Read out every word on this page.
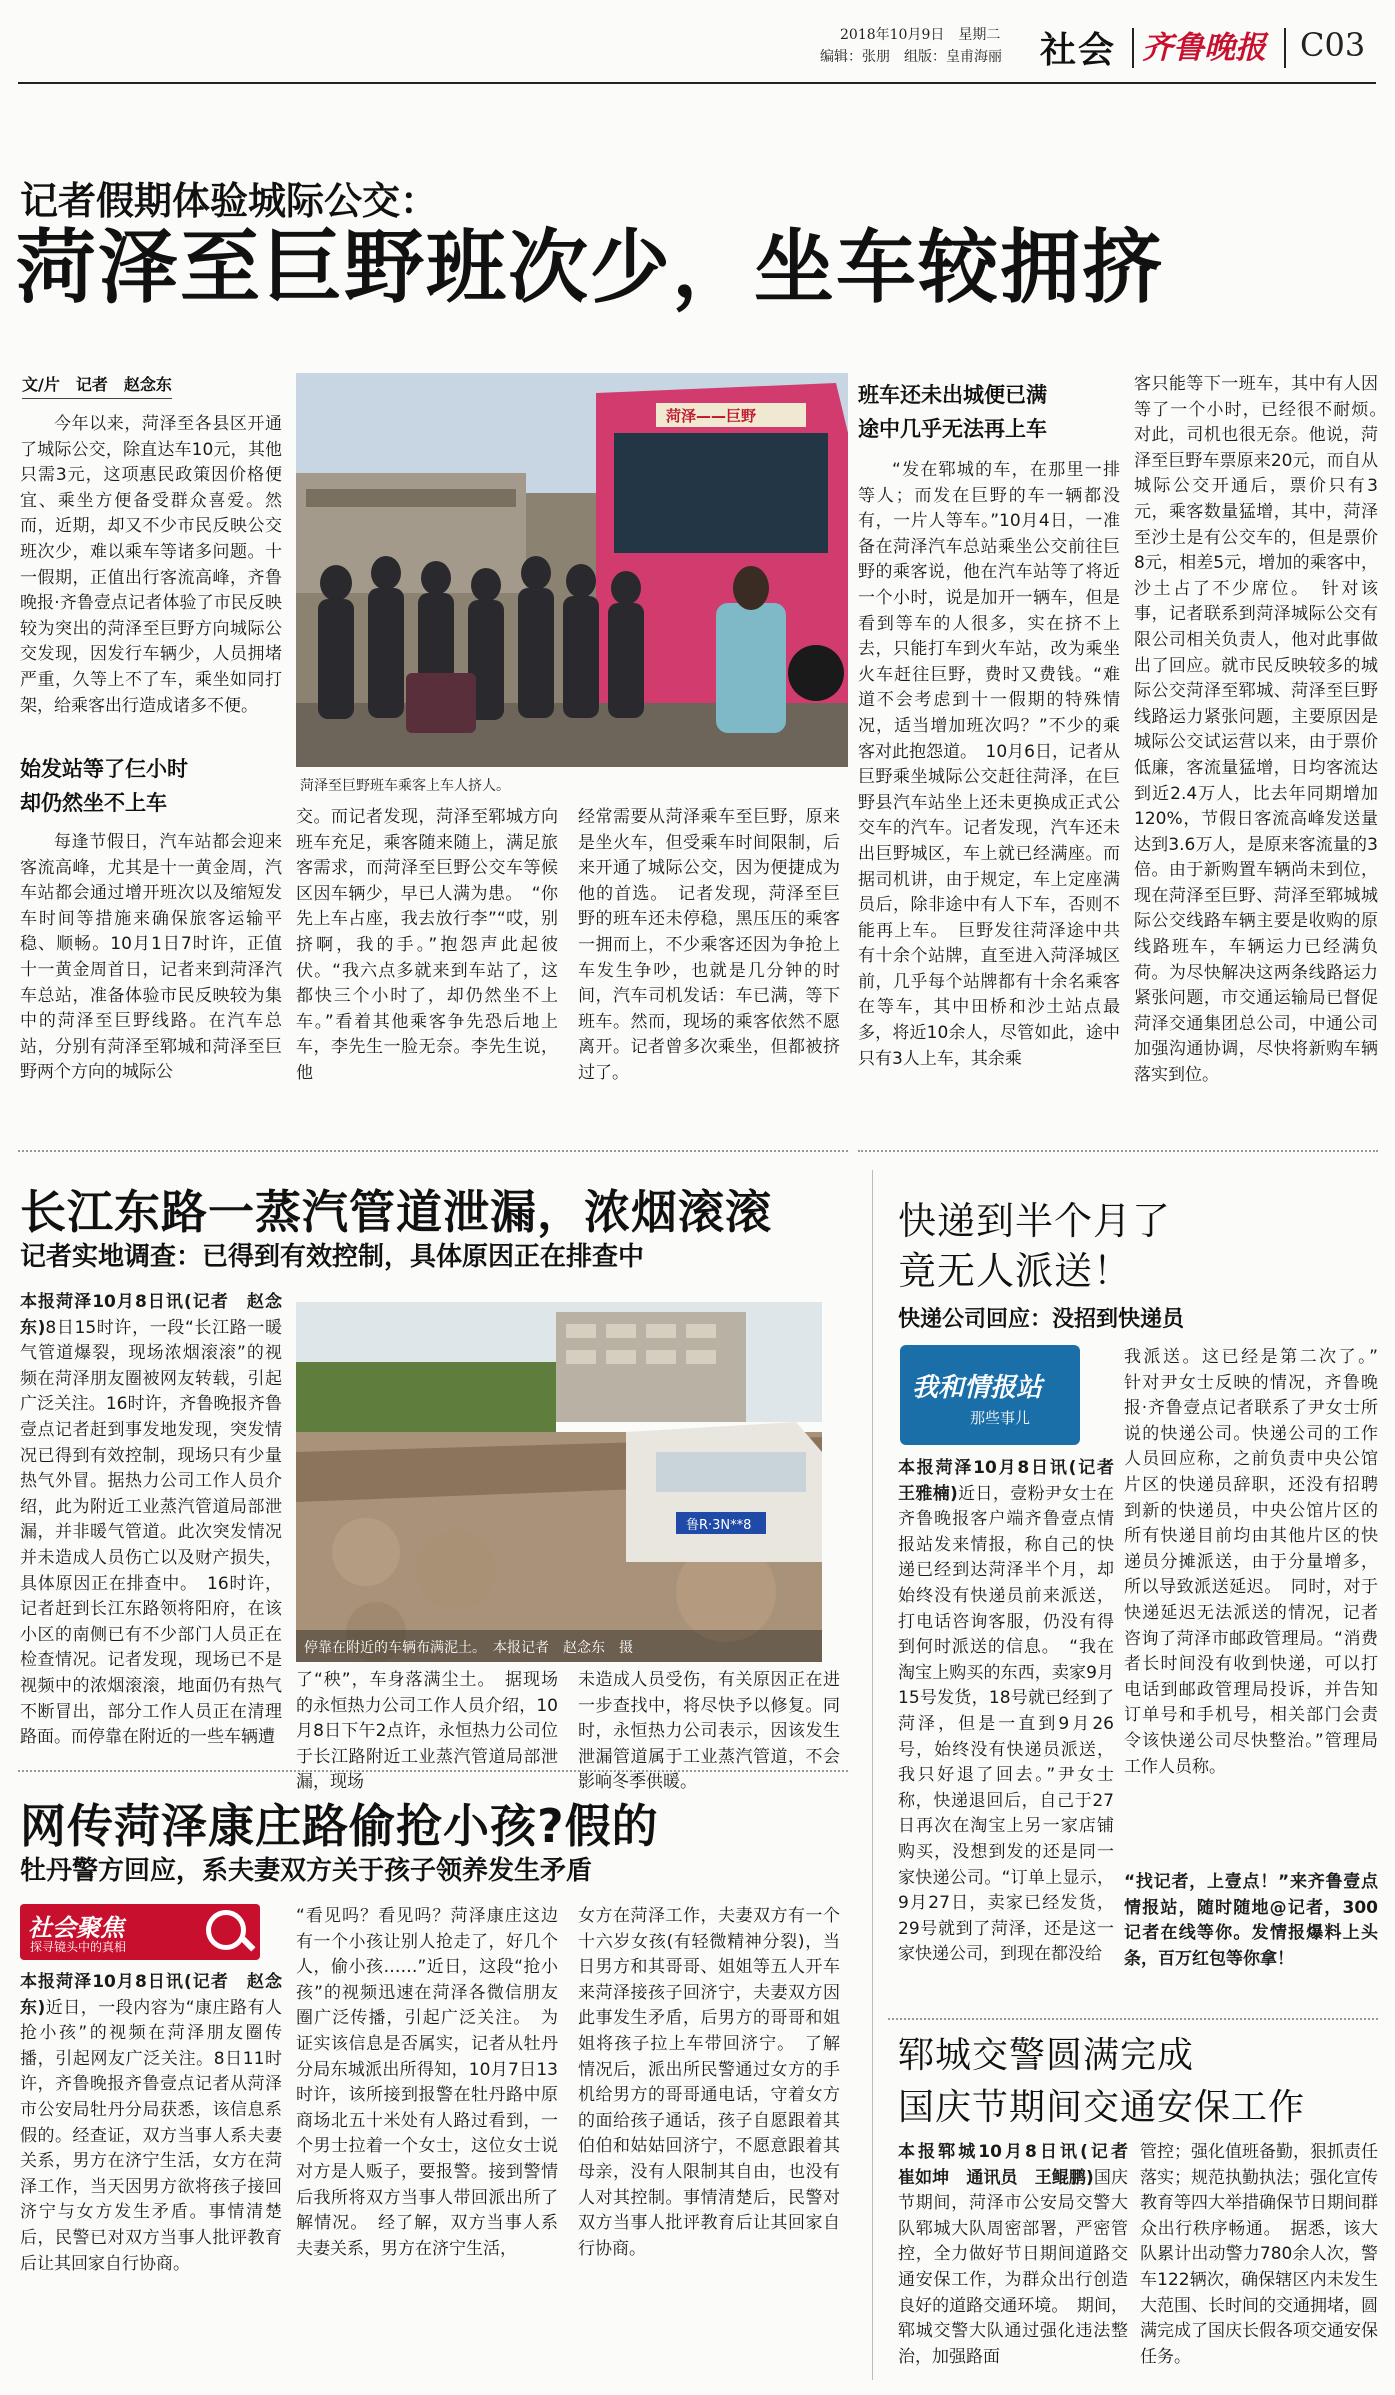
2018年10月9日　 星期二
编辑：张朋　 组版：皇甫海丽 社会 齐鲁晚报 C03
记者假期体验城际公交：
菏泽至巨野班次少，坐车较拥挤
文/片　记者　赵念东
今年以来，菏泽至各县区开通了城际公交，除直达车10元，其他只需3元，这项惠民政策因价格便宜、乘坐方便备受群众喜爱。然而，近期，却又不少市民反映公交班次少，难以乘车等诸多问题。十一假期，正值出行客流高峰，齐鲁晚报·齐鲁壹点记者体验了市民反映较为突出的菏泽至巨野方向城际公交发现，因发行车辆少，人员拥堵严重，久等上不了车，乘坐如同打架，给乘客出行造成诸多不便。
始发站等了仨小时
却仍然坐不上车
每逢节假日，汽车站都会迎来客流高峰，尤其是十一黄金周，汽车站都会通过增开班次以及缩短发车时间等措施来确保旅客运输平稳、顺畅。10月1日7时许，正值十一黄金周首日，记者来到菏泽汽车总站，准备体验市民反映较为集中的菏泽至巨野线路。在汽车总站，分别有菏泽至郓城和菏泽至巨野两个方向的城际公
菏泽——巨野
菏泽至巨野班车乘客上车人挤人。
交。而记者发现，菏泽至郓城方向班车充足，乘客随来随上，满足旅客需求，而菏泽至巨野公交车等候区因车辆少，早已人满为患。　“你先上车占座，我去放行李”“哎，别挤啊，我的手。”抱怨声此起彼伏。“我六点多就来到车站了，这都快三个小时了，却仍然坐不上车。”看着其他乘客争先恐后地上车，李先生一脸无奈。李先生说，他
经常需要从菏泽乘车至巨野，原来是坐火车，但受乘车时间限制，后来开通了城际公交，因为便捷成为他的首选。　记者发现，菏泽至巨野的班车还未停稳，黑压压的乘客一拥而上，不少乘客还因为争抢上车发生争吵，也就是几分钟的时间，汽车司机发话：车已满，等下班车。然而，现场的乘客依然不愿离开。记者曾多次乘坐，但都被挤过了。
班车还未出城便已满
途中几乎无法再上车
“发在郓城的车，在那里一排等人；而发在巨野的车一辆都没有，一片人等车。”10月4日，一准备在菏泽汽车总站乘坐公交前往巨野的乘客说，他在汽车站等了将近一个小时，说是加开一辆车，但是看到等车的人很多，实在挤不上去，只能打车到火车站，改为乘坐火车赶往巨野，费时又费钱。“难道不会考虑到十一假期的特殊情况，适当增加班次吗？”不少的乘客对此抱怨道。　10月6日，记者从巨野乘坐城际公交赶往菏泽，在巨野县汽车站坐上还未更换成正式公交车的汽车。记者发现，汽车还未出巨野城区，车上就已经满座。而据司机讲，由于规定，车上定座满员后，除非途中有人下车，否则不能再上车。　巨野发往菏泽途中共有十余个站牌，直至进入菏泽城区前，几乎每个站牌都有十余名乘客在等车，其中田桥和沙土站点最多，将近10余人，尽管如此，途中只有3人上车，其余乘
客只能等下一班车，其中有人因等了一个小时，已经很不耐烦。　对此，司机也很无奈。他说，菏泽至巨野车票原来20元，而自从城际公交开通后，票价只有3元，乘客数量猛增，其中，菏泽至沙土是有公交车的，但是票价8元，相差5元，增加的乘客中，沙土占了不少席位。　针对该事，记者联系到菏泽城际公交有限公司相关负责人，他对此事做出了回应。就市民反映较多的城际公交菏泽至郓城、菏泽至巨野线路运力紧张问题，主要原因是城际公交试运营以来，由于票价低廉，客流量猛增，日均客流达到近2.4万人，比去年同期增加120%，节假日客流高峰发送量达到3.6万人，是原来客流量的3倍。由于新购置车辆尚未到位，现在菏泽至巨野、菏泽至郓城城际公交线路车辆主要是收购的原线路班车，车辆运力已经满负荷。为尽快解决这两条线路运力紧张问题，市交通运输局已督促菏泽交通集团总公司，中通公司加强沟通协调，尽快将新购车辆落实到位。
长江东路一蒸汽管道泄漏，浓烟滚滚
记者实地调查：已得到有效控制，具体原因正在排查中
本报菏泽10月8日讯(记者　赵念东)8日15时许，一段“长江路一暖气管道爆裂，现场浓烟滚滚”的视频在菏泽朋友圈被网友转载，引起广泛关注。16时许，齐鲁晚报齐鲁壹点记者赶到事发地发现，突发情况已得到有效控制，现场只有少量热气外冒。据热力公司工作人员介绍，此为附近工业蒸汽管道局部泄漏，并非暖气管道。此次突发情况并未造成人员伤亡以及财产损失，具体原因正在排查中。　16时许，记者赶到长江东路领将阳府，在该小区的南侧已有不少部门人员正在检查情况。记者发现，现场已不是视频中的浓烟滚滚，地面仍有热气不断冒出，部分工作人员正在清理路面。而停靠在附近的一些车辆遭
鲁R·3N**8
停靠在附近的车辆布满泥土。　本报记者　赵念东　摄
了“秧”，车身落满尘土。　据现场的永恒热力公司工作人员介绍，10月8日下午2点许，永恒热力公司位于长江路附近工业蒸汽管道局部泄漏，现场
未造成人员受伤，有关原因正在进一步查找中，将尽快予以修复。同时，永恒热力公司表示，因该发生泄漏管道属于工业蒸汽管道，不会影响冬季供暖。
网传菏泽康庄路偷抢小孩?假的
牡丹警方回应，系夫妻双方关于孩子领养发生矛盾
社会聚焦
探寻镜头中的真相
本报菏泽10月8日讯(记者　赵念东)近日，一段内容为“康庄路有人抢小孩”的视频在菏泽朋友圈传播，引起网友广泛关注。8日11时许，齐鲁晚报齐鲁壹点记者从菏泽市公安局牡丹分局获悉，该信息系假的。经查证，双方当事人系夫妻关系，男方在济宁生活，女方在菏泽工作，当天因男方欲将孩子接回济宁与女方发生矛盾。事情清楚后，民警已对双方当事人批评教育后让其回家自行协商。
“看见吗？看见吗？菏泽康庄这边有一个小孩让别人抢走了，好几个人，偷小孩……”近日，这段“抢小孩”的视频迅速在菏泽各微信朋友圈广泛传播，引起广泛关注。　为证实该信息是否属实，记者从牡丹分局东城派出所得知，10月7日13时许，该所接到报警在牡丹路中原商场北五十米处有人路过看到，一个男士拉着一个女士，这位女士说对方是人贩子，要报警。接到警情后我所将双方当事人带回派出所了解情况。　经了解，双方当事人系夫妻关系，男方在济宁生活，
女方在菏泽工作，夫妻双方有一个十六岁女孩(有轻微精神分裂)，当日男方和其哥哥、姐姐等五人开车来菏泽接孩子回济宁，夫妻双方因此事发生矛盾，后男方的哥哥和姐姐将孩子拉上车带回济宁。　了解情况后，派出所民警通过女方的手机给男方的哥哥通电话，守着女方的面给孩子通话，孩子自愿跟着其伯伯和姑姑回济宁，不愿意跟着其母亲，没有人限制其自由，也没有人对其控制。事情清楚后，民警对双方当事人批评教育后让其回家自行协商。
快递到半个月了
竟无人派送！
快递公司回应：没招到快递员
我和情报站
那些事儿
本报菏泽10月8日讯(记者　王雅楠)近日，壹粉尹女士在齐鲁晚报客户端齐鲁壹点情报站发来情报，称自己的快递已经到达菏泽半个月，却始终没有快递员前来派送，打电话咨询客服，仍没有得到何时派送的信息。　“我在淘宝上购买的东西，卖家9月15号发货，18号就已经到了菏泽，但是一直到9月26号，始终没有快递员派送，我只好退了回去。”尹女士称，快递退回后，自己于27日再次在淘宝上另一家店铺购买，没想到发的还是同一家快递公司。“订单上显示，9月27日，卖家已经发货，29号就到了菏泽，还是这一家快递公司，到现在都没给
我派送。这已经是第二次了。”　针对尹女士反映的情况，齐鲁晚报·齐鲁壹点记者联系了尹女士所说的快递公司。快递公司的工作人员回应称，之前负责中央公馆片区的快递员辞职，还没有招聘到新的快递员，中央公馆片区的所有快递目前均由其他片区的快递员分摊派送，由于分量增多，所以导致派送延迟。　同时，对于快递延迟无法派送的情况，记者咨询了菏泽市邮政管理局。“消费者长时间没有收到快递，可以打电话到邮政管理局投诉，并告知订单号和手机号，相关部门会责令该快递公司尽快整治。”管理局工作人员称。
“找记者，上壹点！”来齐鲁壹点情报站，随时随地@记者，300记者在线等你。发情报爆料上头条，百万红包等你拿！
郓城交警圆满完成
国庆节期间交通安保工作
本报郓城10月8日讯(记者　崔如坤　通讯员　王鲲鹏)国庆节期间，菏泽市公安局交警大队郓城大队周密部署，严密管控，全力做好节日期间道路交通安保工作，为群众出行创造良好的道路交通环境。　期间，郓城交警大队通过强化违法整治，加强路面
管控；强化值班备勤，狠抓责任落实；规范执勤执法；强化宣传教育等四大举措确保节日期间群众出行秩序畅通。　据悉，该大队累计出动警力780余人次，警车122辆次，确保辖区内未发生大范围、长时间的交通拥堵，圆满完成了国庆长假各项交通安保任务。
